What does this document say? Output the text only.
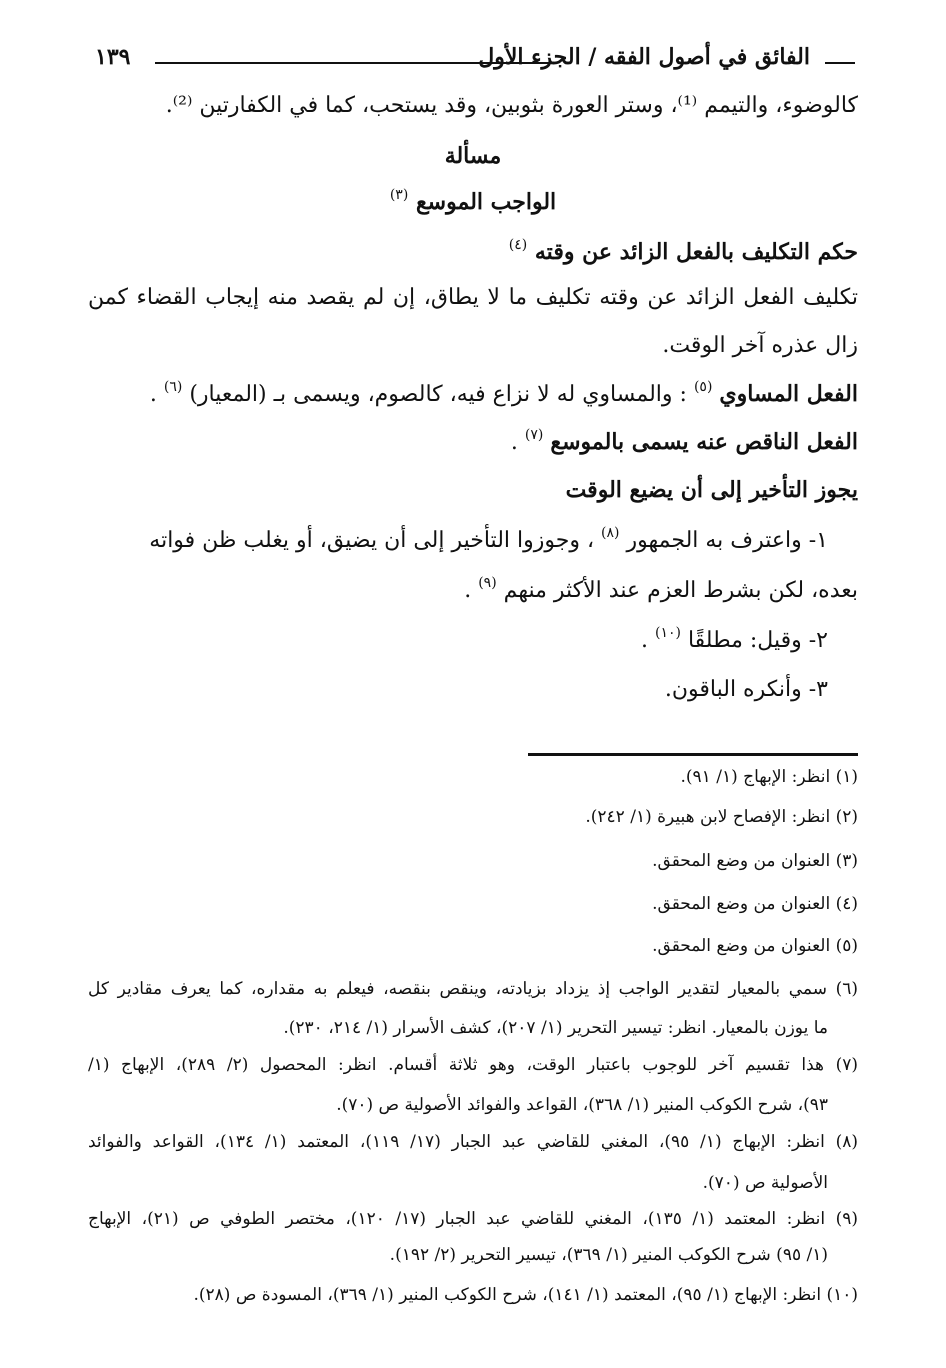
الفائق في أصول الفقه / الجزء الأول
١٣٩
كالوضوء، والتيمم ⁽¹⁾، وستر العورة بثوبين، وقد يستحب، كما في الكفارتين ⁽²⁾.
مسألة
الواجب الموسع $^{(٣)}$
حكم التكليف بالفعل الزائد عن وقته $^{(٤)}$
تكليف الفعل الزائد عن وقته تكليف ما لا يطاق، إن لم يقصد منه إيجاب القضاء كمن
زال عذره آخر الوقت.
الفعل المساوي $^{(٥)}$ : والمساوي له لا نزاع فيه، كالصوم، ويسمى بـ (المعيار) $^{(٦)}$ .
الفعل الناقص عنه يسمى بالموسع $^{(٧)}$ .
يجوز التأخير إلى أن يضيع الوقت
١- واعترف به الجمهور $^{(٨)}$ ، وجوزوا التأخير إلى أن يضيق، أو يغلب ظن فواته
بعده، لكن بشرط العزم عند الأكثر منهم $^{(٩)}$ .
٢- وقيل: مطلقًا $^{(١٠)}$ .
٣- وأنكره الباقون.
(١) انظر: الإبهاج (١/ ٩١).
(٢) انظر: الإفصاح لابن هبيرة (١/ ٢٤٢).
(٣) العنوان من وضع المحقق.
(٤) العنوان من وضع المحقق.
(٥) العنوان من وضع المحقق.
(٦) سمي بالمعيار لتقدير الواجب إذ يزداد بزيادته، وينقص بنقصه، فيعلم به مقداره، كما يعرف مقادير كل
ما يوزن بالمعيار. انظر: تيسير التحرير (١/ ٢٠٧)، كشف الأسرار (١/ ٢١٤، ٢٣٠).
(٧) هذا تقسيم آخر للوجوب باعتبار الوقت، وهو ثلاثة أقسام. انظر: المحصول (٢/ ٢٨٩)، الإبهاج (١/
٩٣)، شرح الكوكب المنير (١/ ٣٦٨)، القواعد والفوائد الأصولية ص (٧٠).
(٨) انظر: الإبهاج (١/ ٩٥)، المغني للقاضي عبد الجبار (١٧/ ١١٩)، المعتمد (١/ ١٣٤)، القواعد والفوائد
الأصولية ص (٧٠).
(٩) انظر: المعتمد (١/ ١٣٥)، المغني للقاضي عبد الجبار (١٧/ ١٢٠)، مختصر الطوفي ص (٢١)، الإبهاج
(١/ ٩٥) شرح الكوكب المنير (١/ ٣٦٩)، تيسير التحرير (٢/ ١٩٢).
(١٠) انظر: الإبهاج (١/ ٩٥)، المعتمد (١/ ١٤١)، شرح الكوكب المنير (١/ ٣٦٩)، المسودة ص (٢٨).
